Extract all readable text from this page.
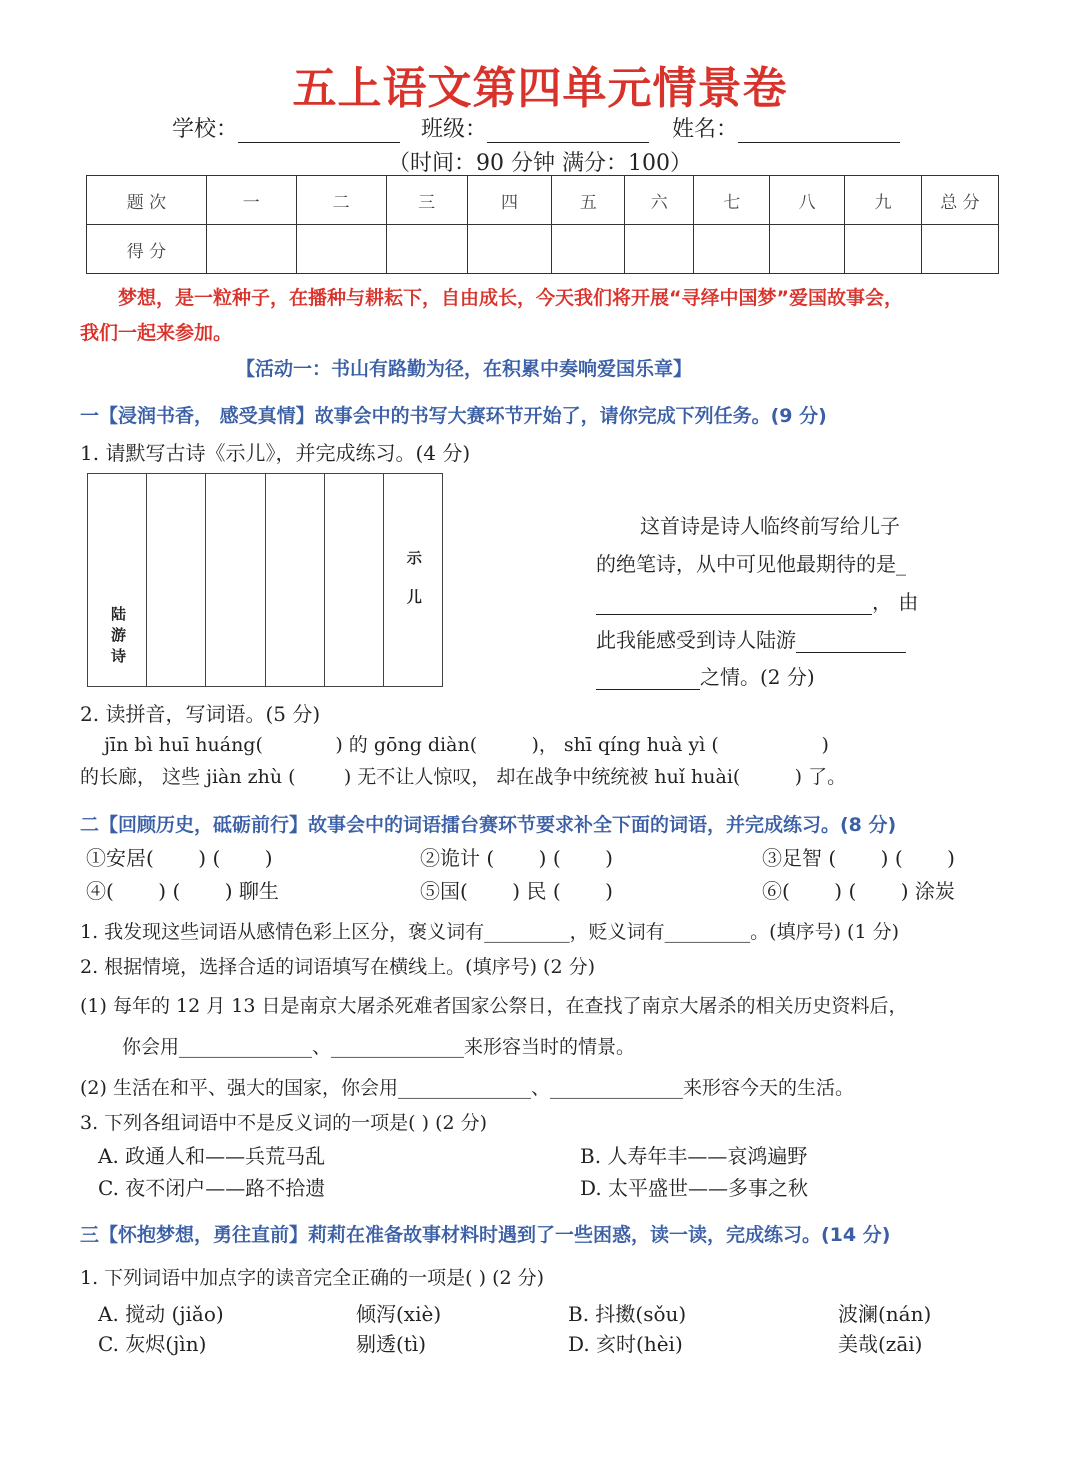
五上语文第四单元情景卷
学校：	班级：	姓名：
（时间：90 分钟 满分：100）
题 次	一	二	三	四	五	六	七	八	九	总 分
得 分										
梦想，是一粒种子，在播种与耕耘下，自由成长，今天我们将开展“寻绎中国梦”爱国故事会，
我们一起来参加。
【活动一：书山有路勤为径，在积累中奏响爱国乐章】
一【浸润书香， 感受真情】故事会中的书写大赛环节开始了，请你完成下列任务。(9 分)
1. 请默写古诗《示儿》，并完成练习。(4 分)
陆游诗
示儿
这首诗是诗人临终前写给儿子
的绝笔诗，从中可见他最期待的是_
， 由
此我能感受到诗人陆游
之情。(2 分)
2. 读拼音，写词语。(5 分)
jīn bì huī huáng(            ) 的 gōng diàn(         )， shī qíng huà yì (                 )
的长廊， 这些 jiàn zhù (        ) 无不让人惊叹， 却在战争中统统被 huǐ huài(         ) 了。
二【回顾历史，砥砺前行】故事会中的词语擂台赛环节要求补全下面的词语，并完成练习。(8 分)
①安居(       ) (       )	②诡计 (       ) (       )	③足智 (       ) (       )
④(       ) (       ) 聊生	⑤国(       ) 民 (       )	⑥(       ) (       ) 涂炭
1. 我发现这些词语从感情色彩上区分，褒义词有_________，贬义词有_________。(填序号) (1 分)
2. 根据情境，选择合适的词语填写在横线上。(填序号) (2 分)
(1) 每年的 12 月 13 日是南京大屠杀死难者国家公祭日，在查找了南京大屠杀的相关历史资料后，
你会用______________、______________来形容当时的情景。
(2) 生活在和平、强大的国家，你会用______________、______________来形容今天的生活。
3. 下列各组词语中不是反义词的一项是( ) (2 分)
A. 政通人和——兵荒马乱	B. 人寿年丰——哀鸿遍野
C. 夜不闭户——路不拾遗	D. 太平盛世——多事之秋
三【怀抱梦想，勇往直前】莉莉在准备故事材料时遇到了一些困惑，读一读，完成练习。(14 分)
1. 下列词语中加点字的读音完全正确的一项是( ) (2 分)
A. 搅动 (jiǎo)	倾泻(xiè)	B. 抖擞(sǒu)	波澜(nán)
C. 灰烬(jìn)	剔透(tì)	D. 亥时(hèi)	美哉(zāi)
